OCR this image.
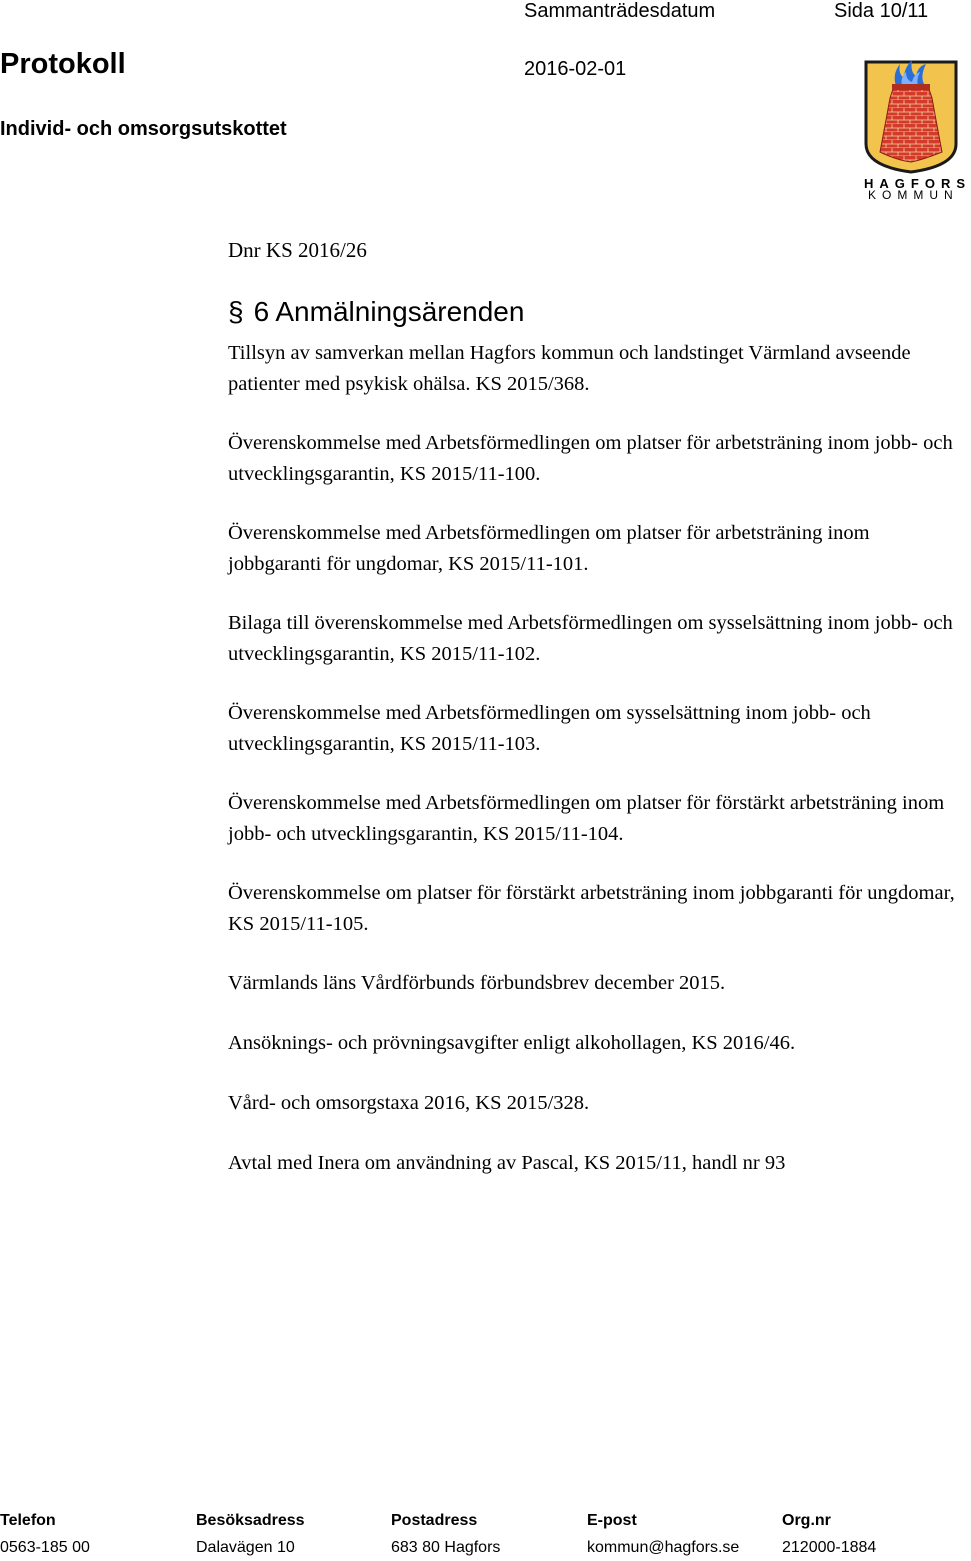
Sammanträdesdatum	Sida 10/11
Protokoll	2016-02-01
Individ- och omsorgsutskottet
HAGFORS
KOMMUN
Dnr KS 2016/26
§ 6 Anmälningsärenden

Tillsyn av samverkan mellan Hagfors kommun och landstinget Värmland avseende patienter med psykisk ohälsa. KS 2015/368.

Överenskommelse med Arbetsförmedlingen om platser för arbetsträning inom jobb- och utvecklingsgarantin, KS 2015/11-100.

Överenskommelse med Arbetsförmedlingen om platser för arbetsträning inom jobbgaranti för ungdomar, KS 2015/11-101.

Bilaga till överenskommelse med Arbetsförmedlingen om sysselsättning inom jobb- och utvecklingsgarantin, KS 2015/11-102.

Överenskommelse med Arbetsförmedlingen om sysselsättning inom jobb- och utvecklingsgarantin, KS 2015/11-103.

Överenskommelse med Arbetsförmedlingen om platser för förstärkt arbetsträning inom jobb- och utvecklingsgarantin, KS 2015/11-104.

Överenskommelse om platser för förstärkt arbetsträning inom jobbgaranti för ungdomar, KS 2015/11-105.

Värmlands läns Vårdförbunds förbundsbrev december 2015.

Ansöknings- och prövningsavgifter enligt alkohollagen, KS 2016/46.

Vård- och omsorgstaxa 2016, KS 2015/328.

Avtal med Inera om användning av Pascal, KS 2015/11, handl nr 93

Telefon	Besöksadress	Postadress	E-post	Org.nr
0563-185 00	Dalavägen 10	683 80 Hagfors	kommun@hagfors.se	212000-1884
